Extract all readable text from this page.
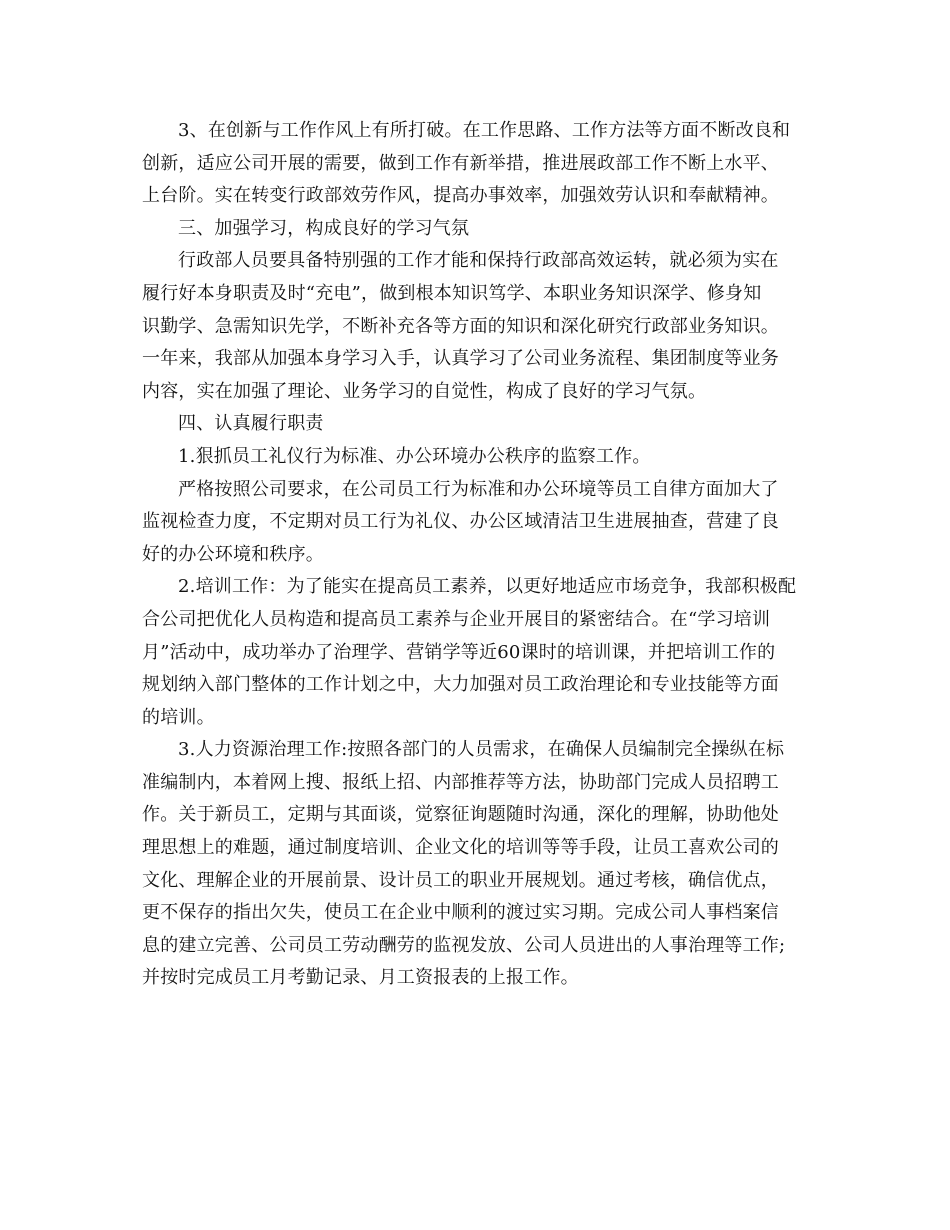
3、在创新与工作作风上有所打破。在工作思路、工作方法等方面不断改良和

创新，适应公司开展的需要，做到工作有新举措，推进展政部工作不断上水平、

上台阶。实在转变行政部效劳作风，提高办事效率，加强效劳认识和奉献精神。

三、加强学习，构成良好的学习气氛

行政部人员要具备特别强的工作才能和保持行政部高效运转，就必须为实在

履行好本身职责及时“充电”，做到根本知识笃学、本职业务知识深学、修身知

识勤学、急需知识先学，不断补充各等方面的知识和深化研究行政部业务知识。

一年来，我部从加强本身学习入手，认真学习了公司业务流程、集团制度等业务

内容，实在加强了理论、业务学习的自觉性，构成了良好的学习气氛。

四、认真履行职责

1.狠抓员工礼仪行为标准、办公环境办公秩序的监察工作。

严格按照公司要求，在公司员工行为标准和办公环境等员工自律方面加大了

监视检查力度，不定期对员工行为礼仪、办公区域清洁卫生进展抽查，营建了良

好的办公环境和秩序。

2.培训工作：为了能实在提高员工素养，以更好地适应市场竞争，我部积极配

合公司把优化人员构造和提高员工素养与企业开展目的紧密结合。在“学习培训

月”活动中，成功举办了治理学、营销学等近60课时的培训课，并把培训工作的

规划纳入部门整体的工作计划之中，大力加强对员工政治理论和专业技能等方面

的培训。

3.人力资源治理工作:按照各部门的人员需求，在确保人员编制完全操纵在标

准编制内，本着网上搜、报纸上招、内部推荐等方法，协助部门完成人员招聘工

作。关于新员工，定期与其面谈，觉察征询题随时沟通，深化的理解，协助他处

理思想上的难题，通过制度培训、企业文化的培训等等手段，让员工喜欢公司的

文化、理解企业的开展前景、设计员工的职业开展规划。通过考核，确信优点，

更不保存的指出欠失，使员工在企业中顺利的渡过实习期。完成公司人事档案信

息的建立完善、公司员工劳动酬劳的监视发放、公司人员进出的人事治理等工作;

并按时完成员工月考勤记录、月工资报表的上报工作。
